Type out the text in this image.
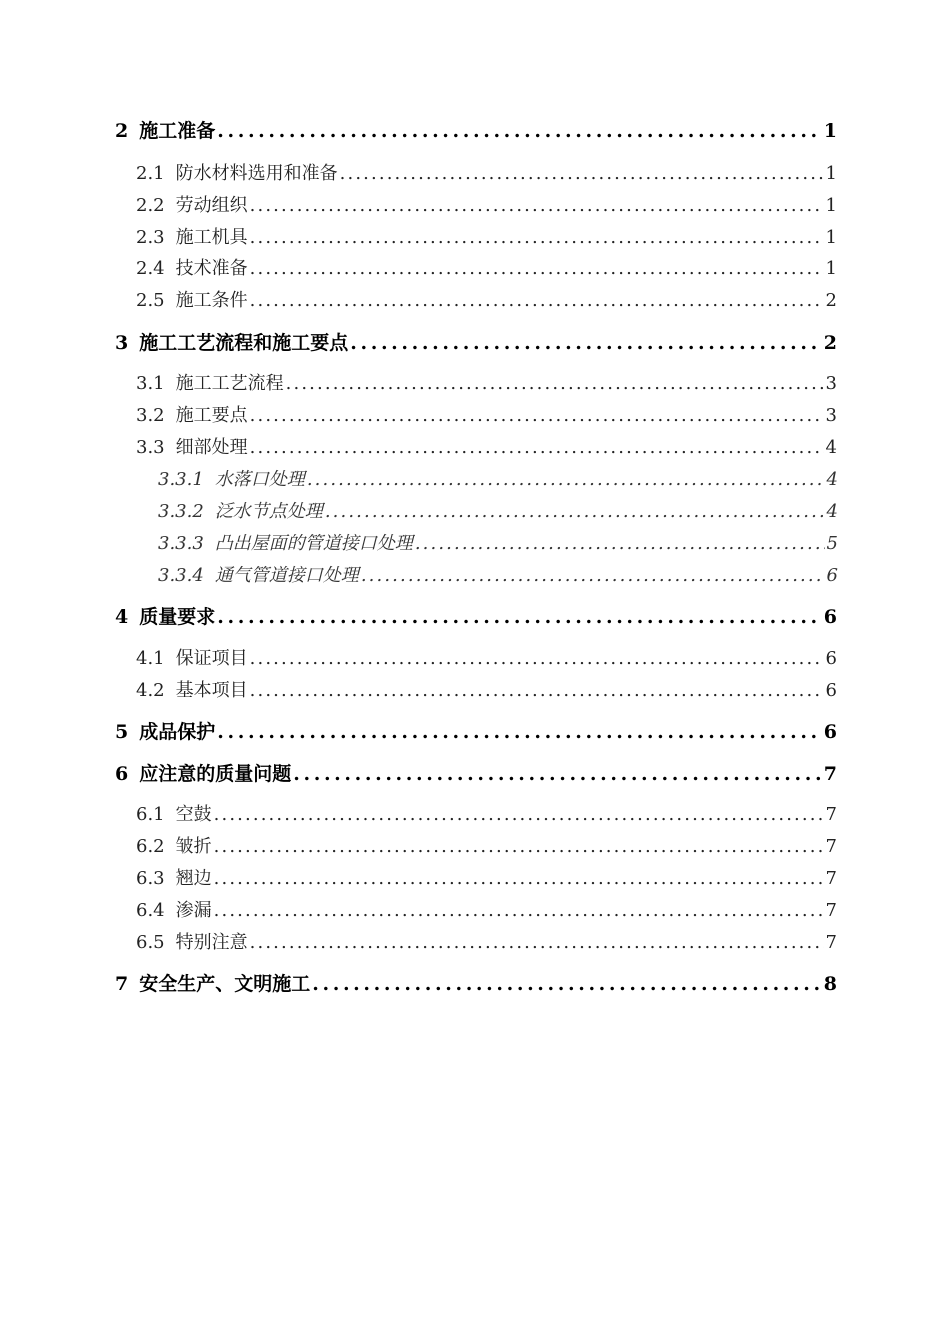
2 施工准备 . . .	1
2.1 防水材料选用和准备 . . .	1
2.2 劳动组织 . . .	1
2.3 施工机具 . . .	1
2.4 技术准备 . . .	1
2.5 施工条件 . . .	2
3 施工工艺流程和施工要点 . . .	2
3.1 施工工艺流程 . . .	3
3.2 施工要点 . . .	3
3.3 细部处理 . . .	4
3.3.1 水落口处理 . . .	4
3.3.2 泛水节点处理 . . .	4
3.3.3 凸出屋面的管道接口处理 . . .	5
3.3.4 通气管道接口处理 . . .	6
4 质量要求 . . .	6
4.1 保证项目 . . .	6
4.2 基本项目 . . .	6
5 成品保护 . . .	6
6 应注意的质量问题 . . .	7
6.1 空鼓 . . .	7
6.2 皱折 . . .	7
6.3 翘边 . . .	7
6.4 渗漏 . . .	7
6.5 特别注意 . . .	7
7 安全生产、文明施工 . . .	8
